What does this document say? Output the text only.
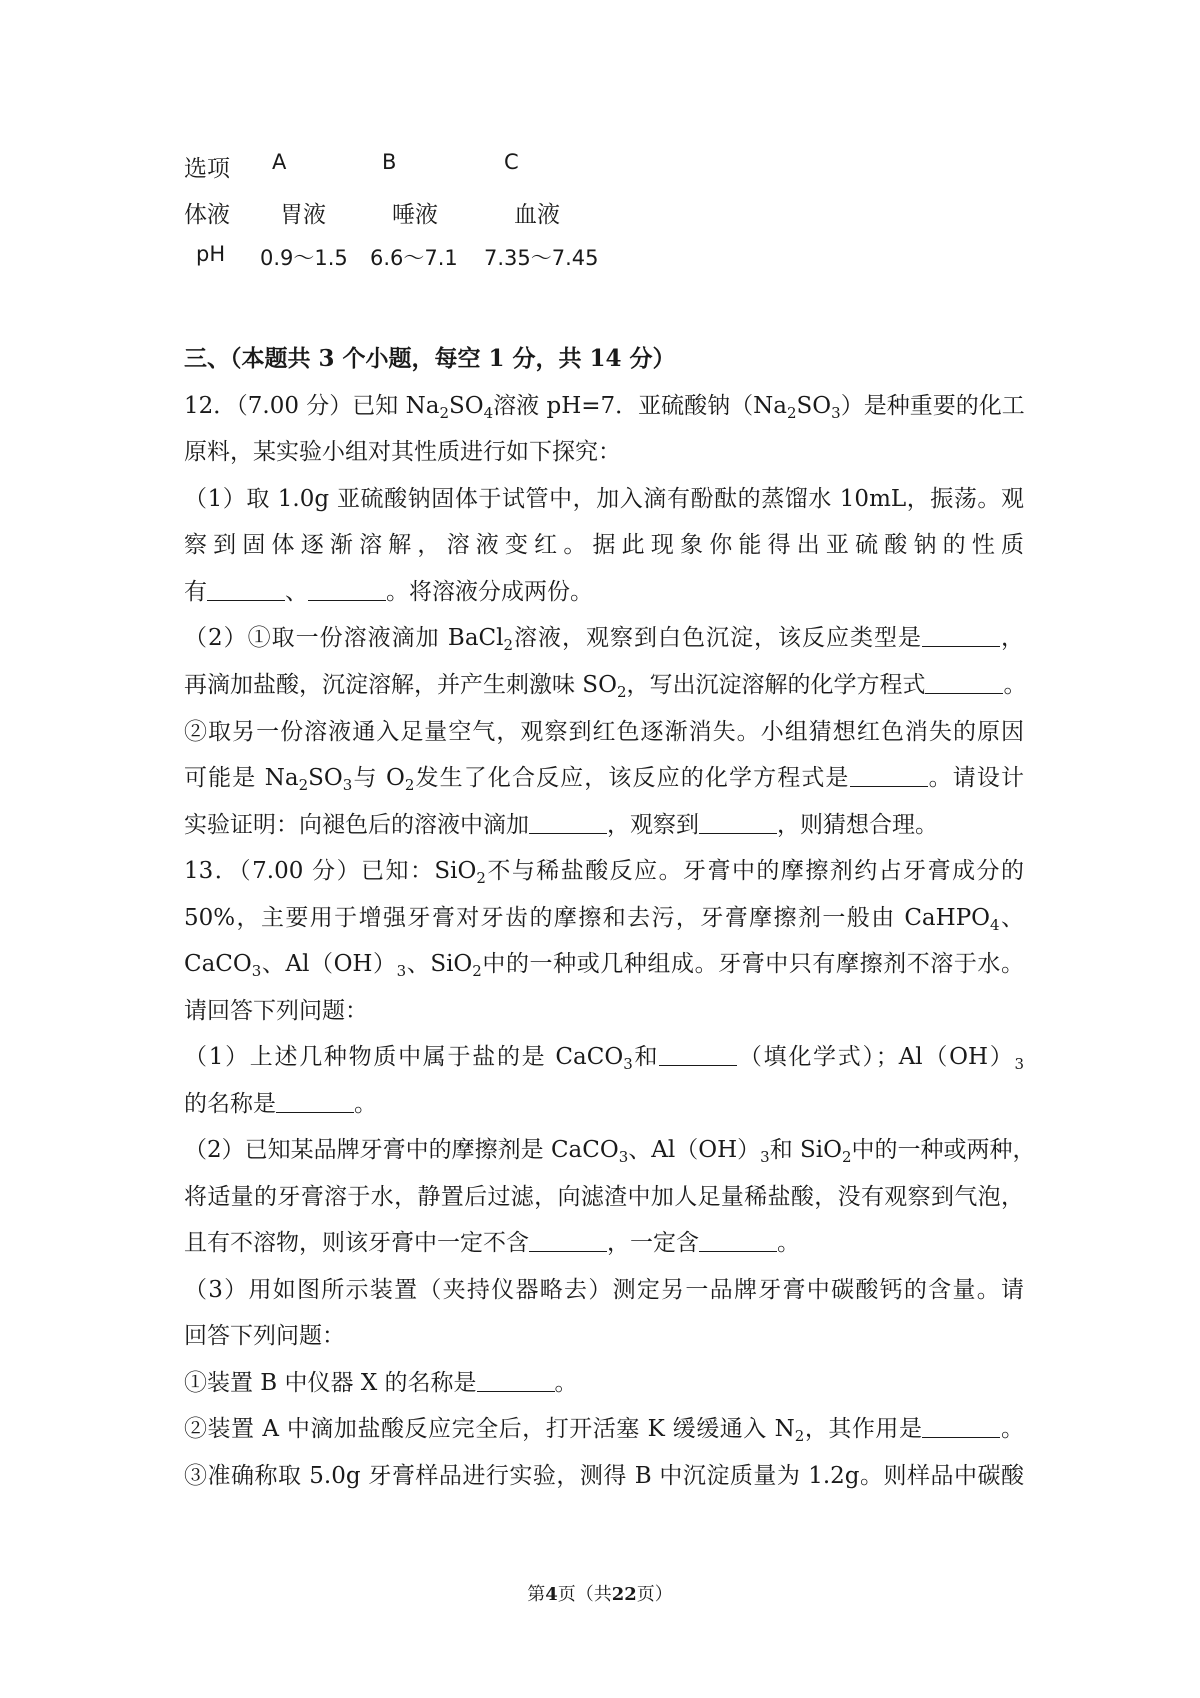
选项 A	B	C
体液 胃液	唾液	血液
pH 0.9～1.5 6.6～7.1 7.35～7.45
三、（本题共 3 个小题，每空 1 分，共 14 分）
12．（7.00 分）已知 $Na_2SO_4$溶液 pH=7．亚硫酸钠$(Na_2SO_3)$是种重要的化工
原料，某实验小组对其性质进行如下探究：
（1）取 1.0g 亚硫酸钠固体于试管中，加入滴有酚酞的蒸馏水 10mL，振荡。观
察到固体逐渐溶解，溶液变红。据此现象你能得出亚硫酸钠的性质
有	、	。将溶液分成两份。
（2）①取一份溶液滴加 BaCl$_2$溶液，观察到白色沉淀，该反应类型是	，
再滴加盐酸，沉淀溶解，并产生刺激味 $SO_2$，写出沉淀溶解的化学方程式	。
②取另一份溶液通入足量空气，观察到红色逐渐消失。小组猜想红色消失的原因
可能是 $Na_2SO_3$与 $O_2$发生了化合反应，该反应的化学方程式是	。请设计
实验证明：向褪色后的溶液中滴加	，观察到	，则猜想合理。
13．（7.00 分）已知：SiO$_2$不与稀盐酸反应。牙膏中的摩擦剂约占牙膏成分的
50%，主要用于增强牙膏对牙齿的摩擦和去污，牙膏摩擦剂一般由 CaHPO$_4$、
CaCO$_3$、$Al(OH)_3$、SiO$_2$中的一种或几种组成。牙膏中只有摩擦剂不溶于水。
请回答下列问题：
（1）上述几种物质中属于盐的是 CaCO$_3$和	（填化学式）；$Al(OH)_3$
的名称是	。
（2）已知某品牌牙膏中的摩擦剂是 CaCO$_3$、$Al(OH)_3$和 SiO$_2$中的一种或两种，
将适量的牙膏溶于水，静置后过滤，向滤渣中加人足量稀盐酸，没有观察到气泡，
且有不溶物，则该牙膏中一定不含	，一定含	。
（3）用如图所示装置（夹持仪器略去）测定另一品牌牙膏中碳酸钙的含量。请
回答下列问题：
①装置 B 中仪器 X 的名称是	。
②装置 A 中滴加盐酸反应完全后，打开活塞 K 缓缓通入 $N_2$，其作用是	。
③准确称取 5.0g 牙膏样品进行实验，测得 B 中沉淀质量为 1.2g。则样品中碳酸
第4页（共22页）
